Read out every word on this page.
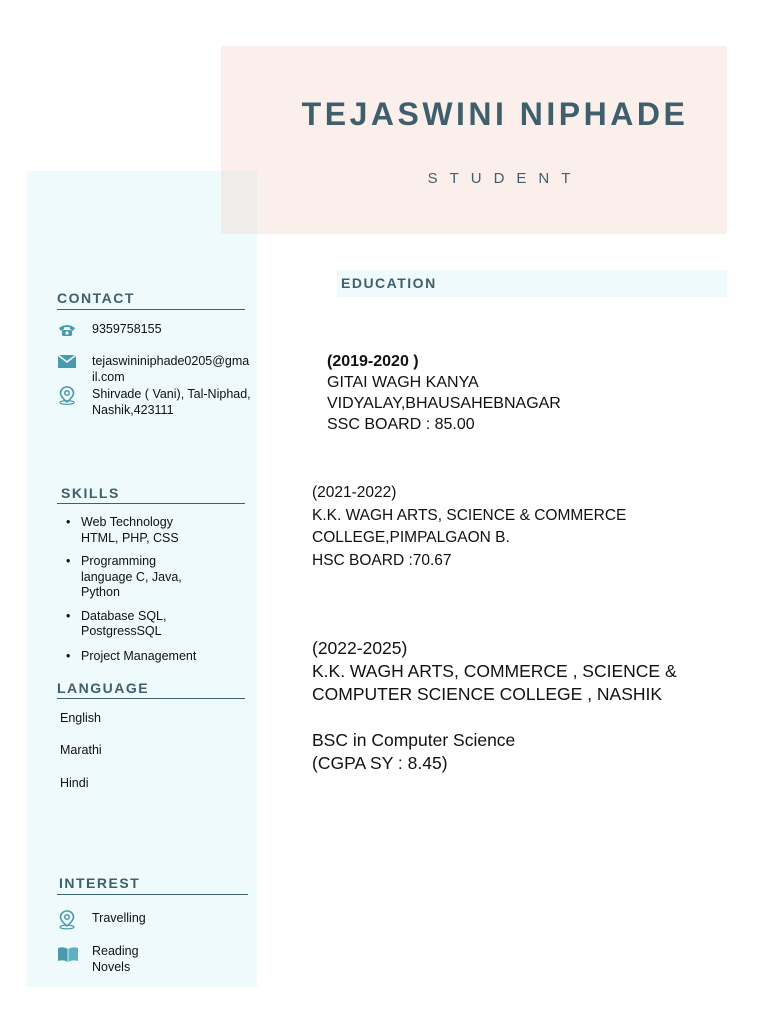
TEJASWINI NIPHADE
STUDENT
CONTACT
9359758155
tejaswininiphade0205@gma
il.com
Shirvade ( Vani), Tal-Niphad,
Nashik,423111
SKILLS
• Web Technology
HTML, PHP, CSS
• Programming
language C, Java,
Python
• Database SQL,
PostgressSQL
• Project Management
LANGUAGE
English
Marathi
Hindi
INTEREST
Travelling
Reading
Novels
EDUCATION
(2019-2020 )
GITAI WAGH KANYA
VIDYALAY,BHAUSAHEBNAGAR
SSC BOARD : 85.00
(2021-2022)
K.K. WAGH ARTS, SCIENCE & COMMERCE
COLLEGE,PIMPALGAON B.
HSC BOARD :70.67
(2022-2025)
K.K. WAGH ARTS, COMMERCE , SCIENCE &
COMPUTER SCIENCE COLLEGE , NASHIK
BSC in Computer Science
(CGPA SY : 8.45)
